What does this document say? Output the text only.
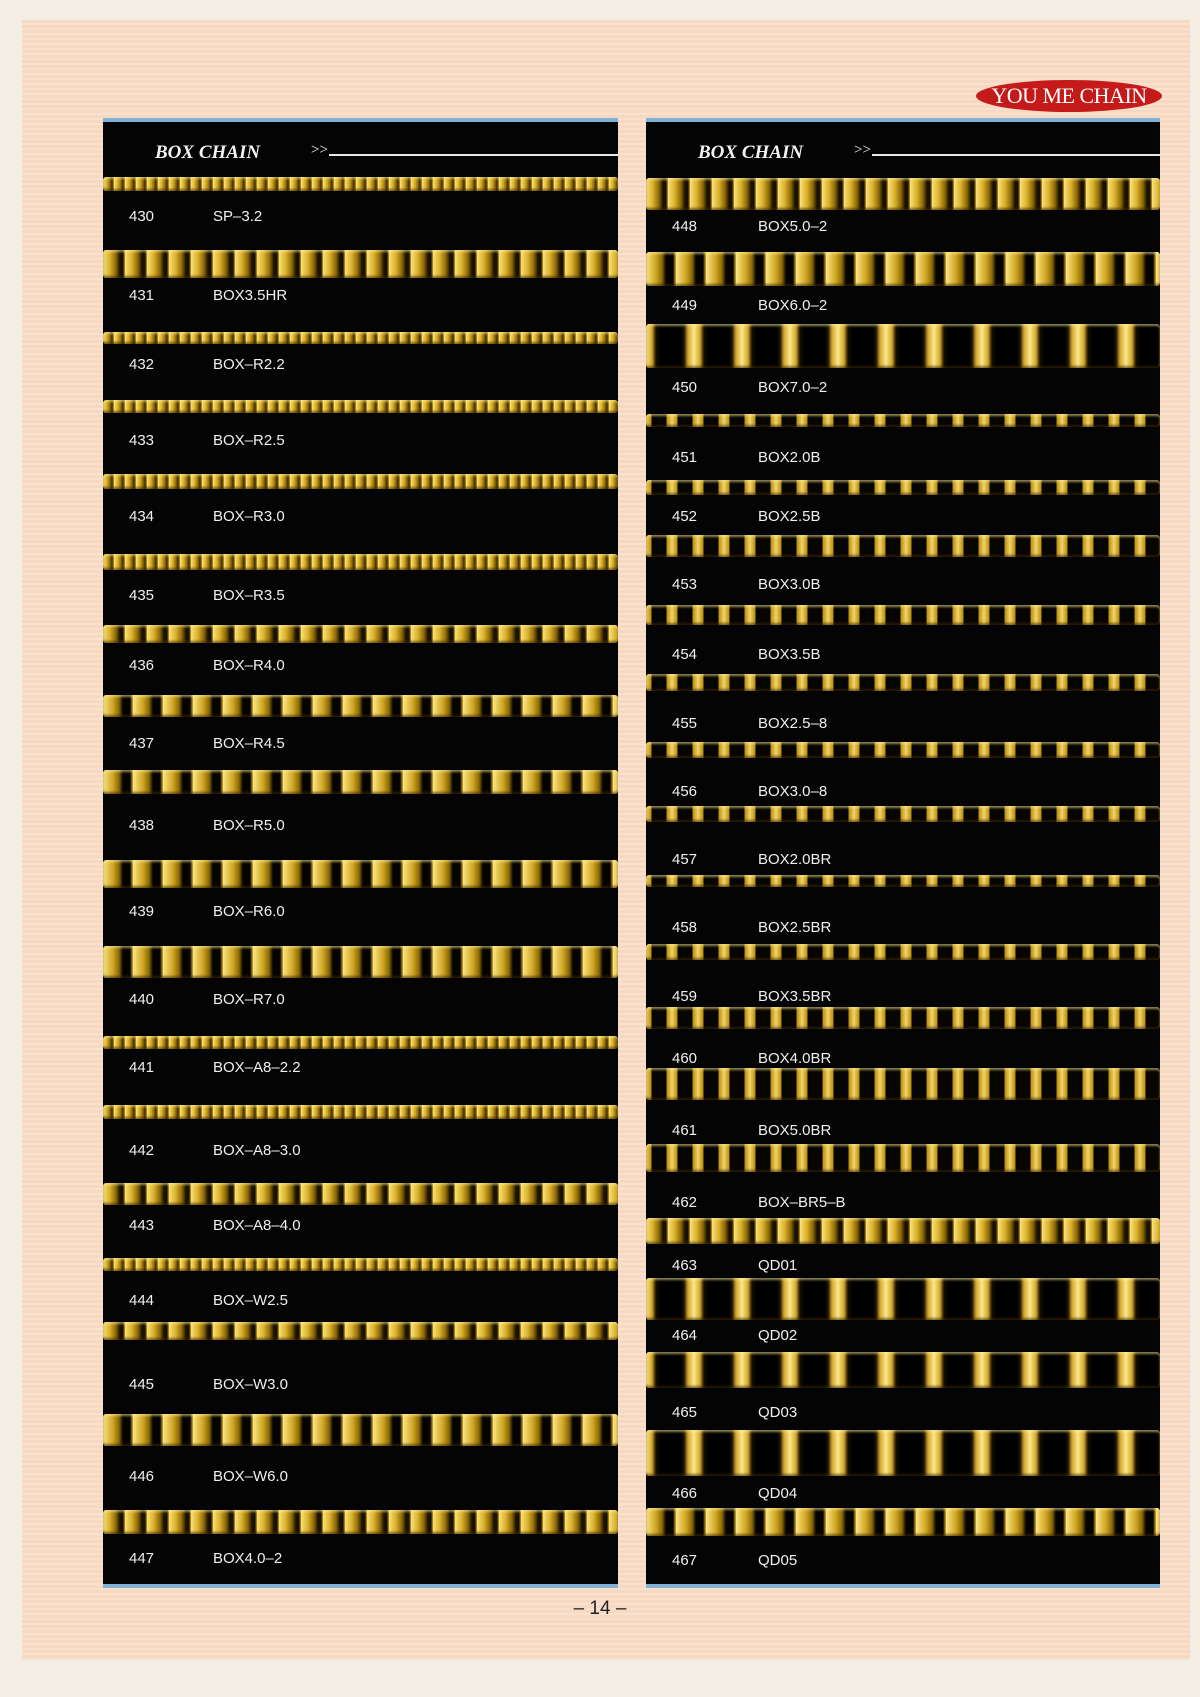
YOU ME CHAIN
BOX CHAIN	>>
430	SP–3.2
431	BOX3.5HR
432	BOX–R2.2
433	BOX–R2.5
434	BOX–R3.0
435	BOX–R3.5
436	BOX–R4.0
437	BOX–R4.5
438	BOX–R5.0
439	BOX–R6.0
440	BOX–R7.0
441	BOX–A8–2.2
442	BOX–A8–3.0
443	BOX–A8–4.0
444	BOX–W2.5
445	BOX–W3.0
446	BOX–W6.0
447	BOX4.0–2
BOX CHAIN	>>
448	BOX5.0–2
449	BOX6.0–2
450	BOX7.0–2
451	BOX2.0B
452	BOX2.5B
453	BOX3.0B
454	BOX3.5B
455	BOX2.5–8
456	BOX3.0–8
457	BOX2.0BR
458	BOX2.5BR
459	BOX3.5BR
460	BOX4.0BR
461	BOX5.0BR
462	BOX–BR5–B
463	QD01
464	QD02
465	QD03
466	QD04
467	QD05
– 14 –
